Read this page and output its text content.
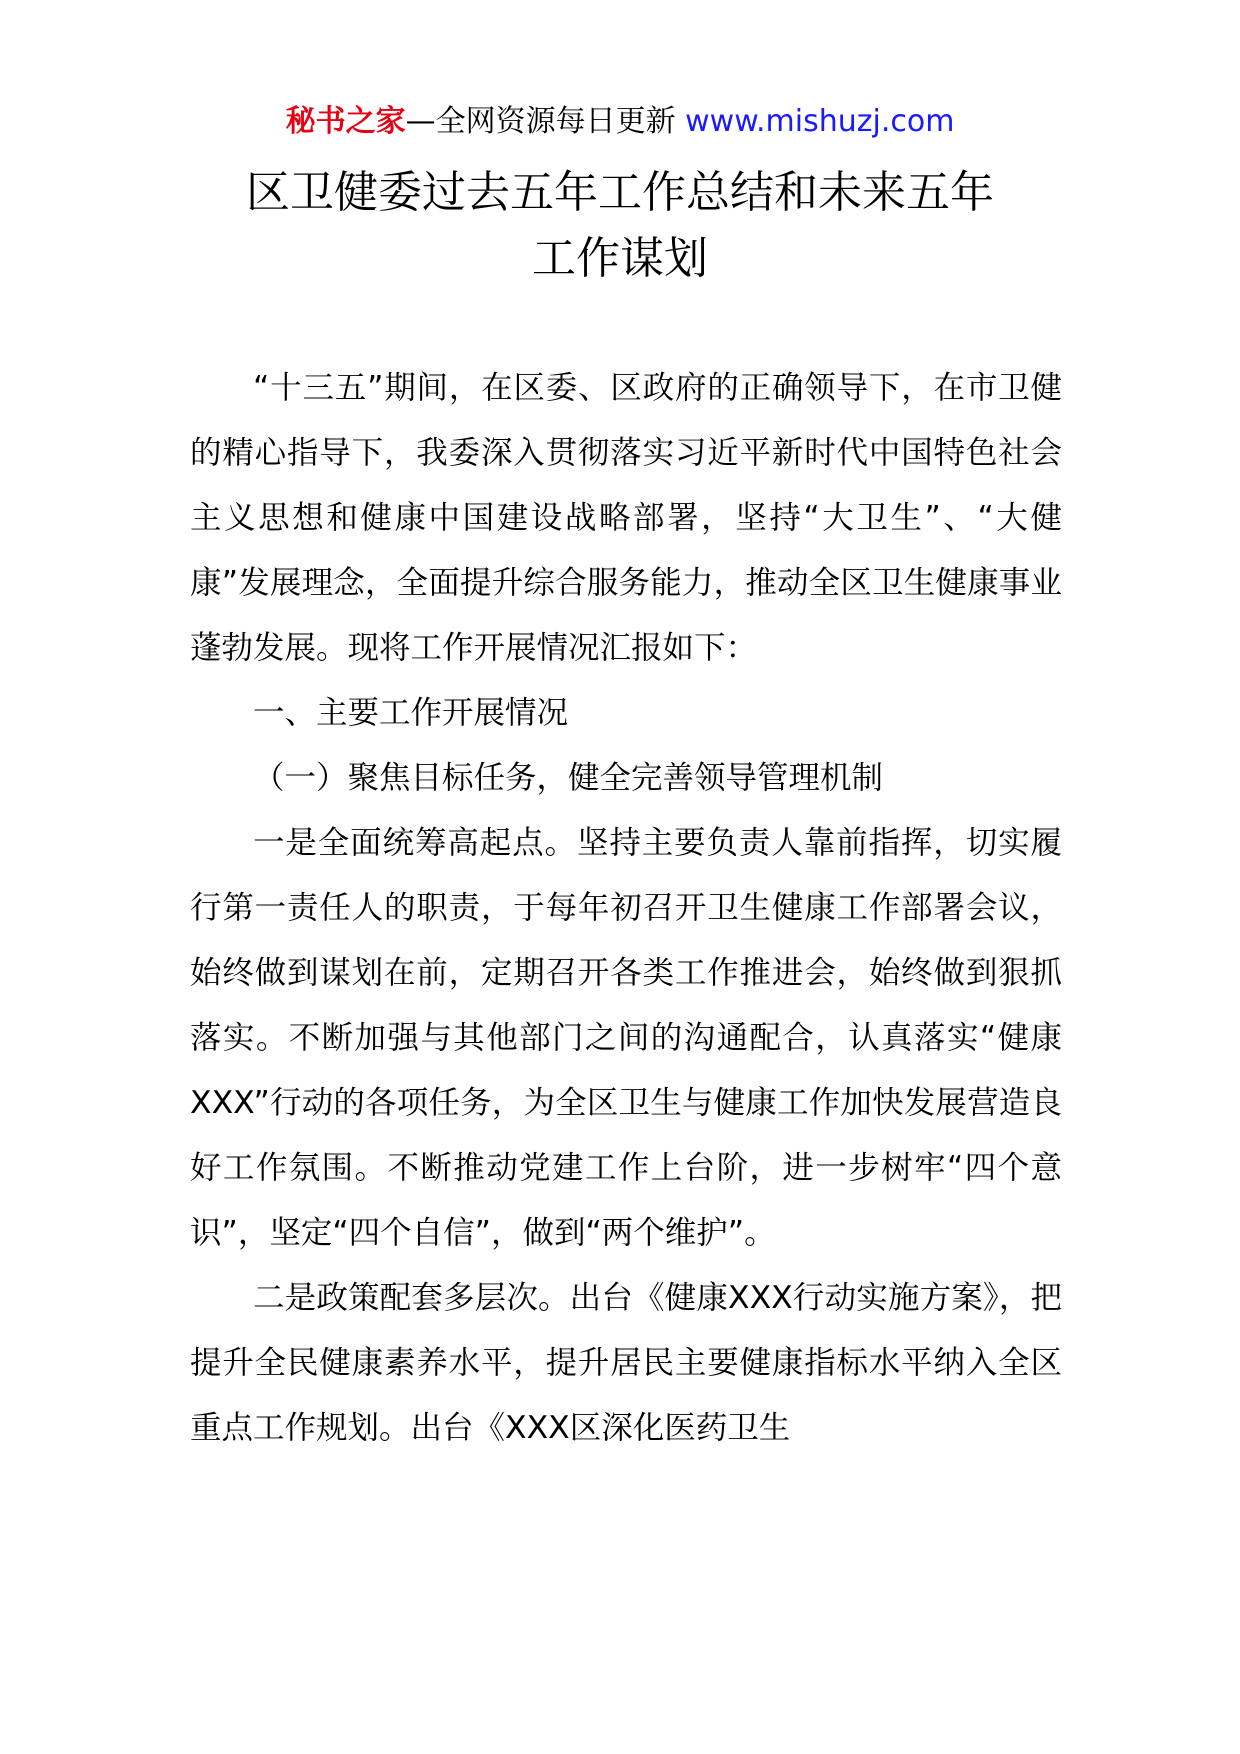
秘书之家—全网资源每日更新 www.mishuzj.com
区卫健委过去五年工作总结和未来五年
工作谋划

“十三五”期间，在区委、区政府的正确领导下，在市卫健的精心指导下，我委深入贯彻落实习近平新时代中国特色社会主义思想和健康中国建设战略部署，坚持“大卫生”、“大健康”发展理念，全面提升综合服务能力，推动全区卫生健康事业蓬勃发展。现将工作开展情况汇报如下：

一、主要工作开展情况

（一）聚焦目标任务，健全完善领导管理机制

一是全面统筹高起点。坚持主要负责人靠前指挥，切实履行第一责任人的职责，于每年初召开卫生健康工作部署会议，始终做到谋划在前，定期召开各类工作推进会，始终做到狠抓落实。不断加强与其他部门之间的沟通配合，认真落实“健康XXX”行动的各项任务，为全区卫生与健康工作加快发展营造良好工作氛围。不断推动党建工作上台阶，进一步树牢“四个意识”，坚定“四个自信”，做到“两个维护”。

二是政策配套多层次。出台《健康XXX行动实施方案》，把提升全民健康素养水平，提升居民主要健康指标水平纳入全区重点工作规划。出台《XXX区深化医药卫生
